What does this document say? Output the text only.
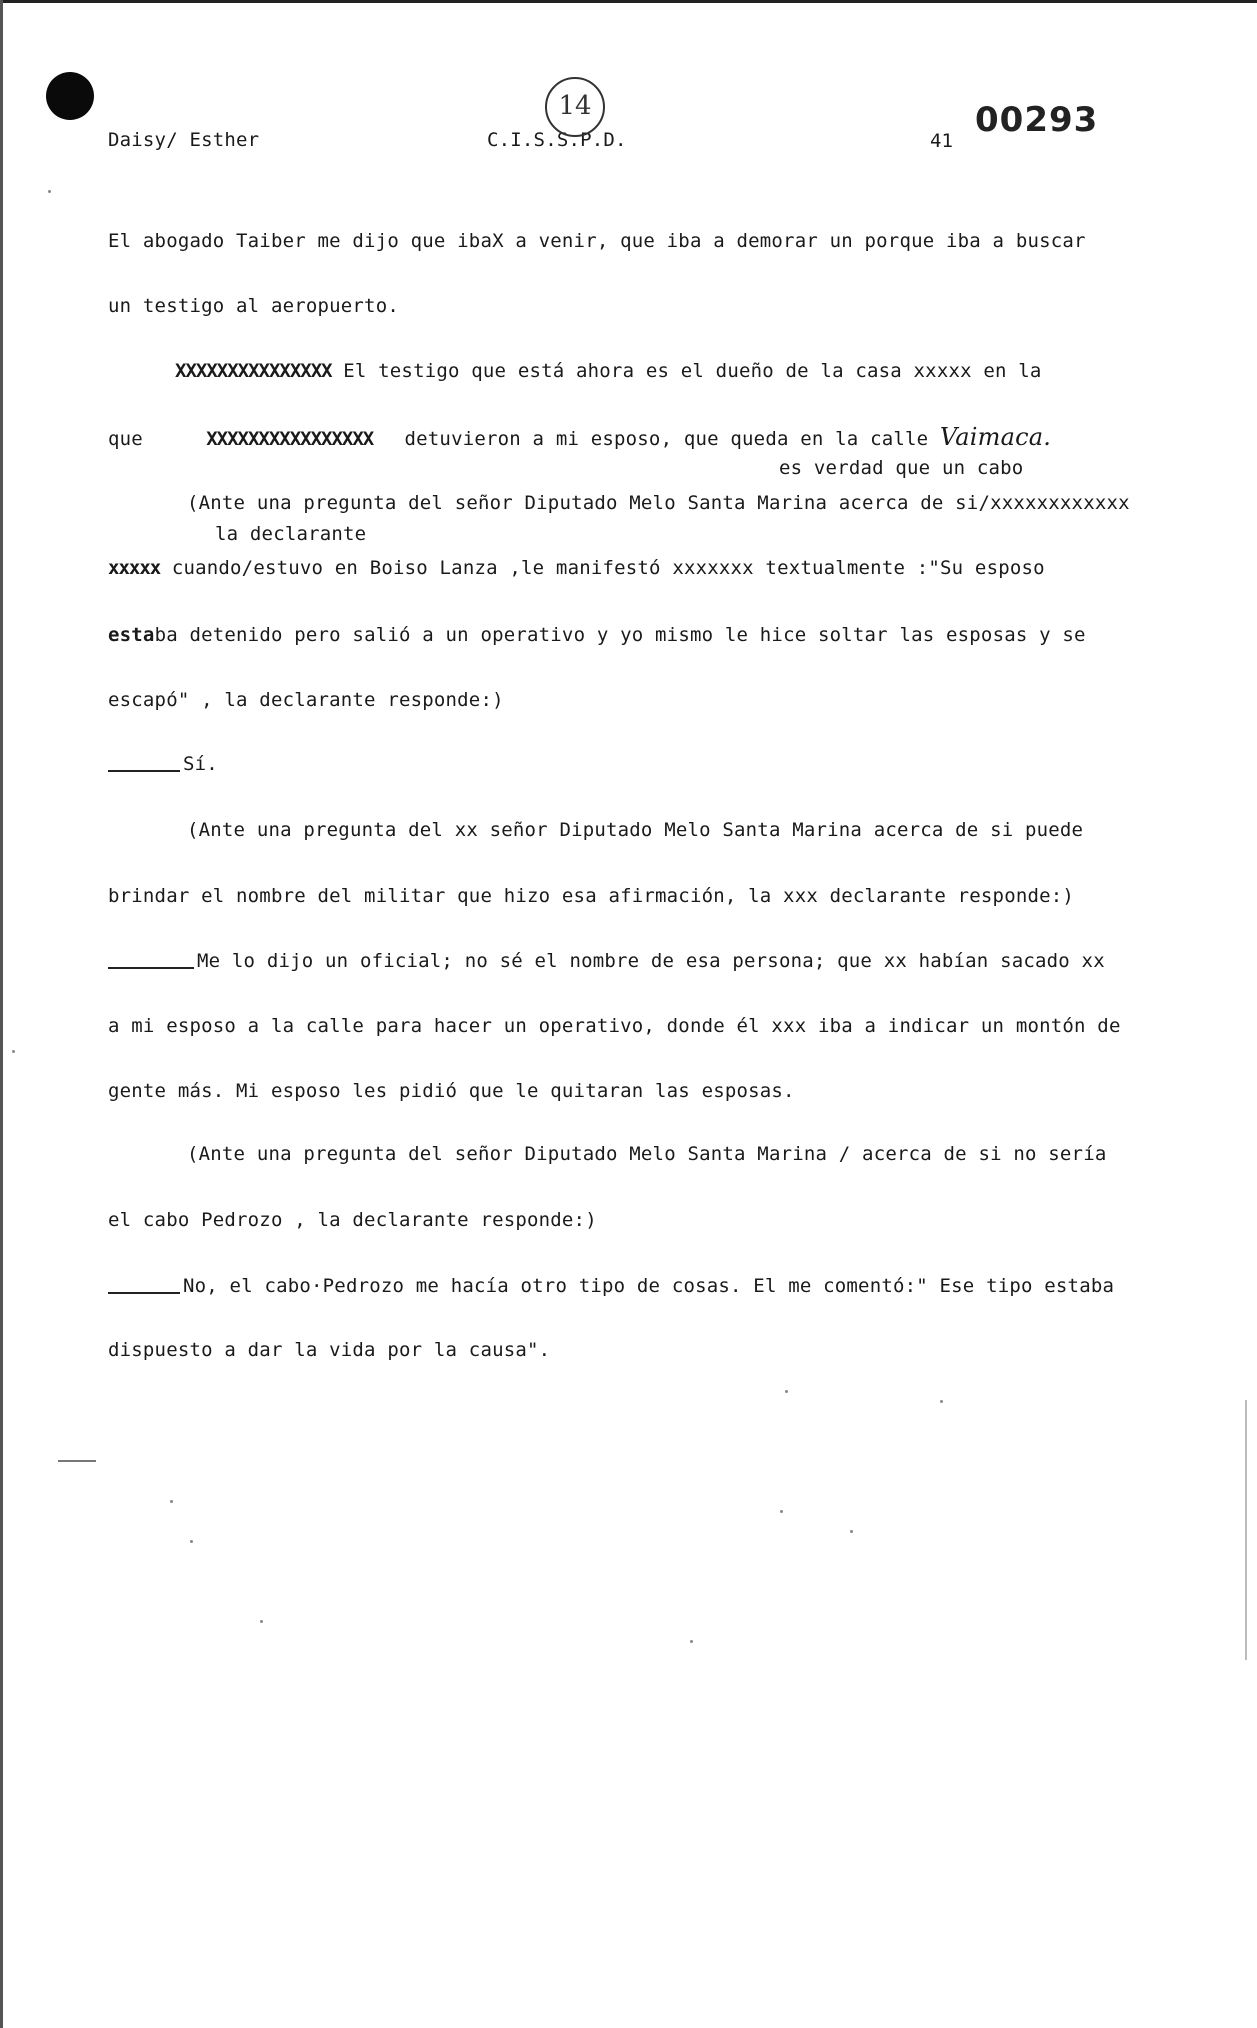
Daisy/ Esther	C.I.S.S.P.D.
14
41
00293
El abogado Taiber me dijo que ibaX a venir, que iba a demorar un porque iba a buscar
un testigo al aeropuerto.
XXXXXXXXXXXXXXX El testigo que está ahora es el dueño de la casa xxxxx en la
que	XXXXXXXXXXXXXXXX detuvieron a mi esposo, que queda en la calle Vaimaca.
es verdad que un cabo
(Ante una pregunta del señor Diputado Melo Santa Marina acerca de si/xxxxxxxxxxxx
la declarante
xxxxx cuando/estuvo en Boiso Lanza ,le manifestó xxxxxxx textualmente :"Su esposo
estaba detenido pero salió a un operativo y yo mismo le hice soltar las esposas y se
escapó" , la declarante responde:)
Sí.
(Ante una pregunta del xx señor Diputado Melo Santa Marina acerca de si puede
brindar el nombre del militar que hizo esa afirmación, la xxx declarante responde:)
Me lo dijo un oficial; no sé el nombre de esa persona; que xx habían sacado xx
a mi esposo a la calle para hacer un operativo, donde él xxx iba a indicar un montón de
gente más. Mi esposo les pidió que le quitaran las esposas.
(Ante una pregunta del señor Diputado Melo Santa Marina / acerca de si no sería
el cabo Pedrozo , la declarante responde:)
No, el cabo·Pedrozo me hacía otro tipo de cosas. El me comentó:" Ese tipo estaba
dispuesto a dar la vida por la causa".
